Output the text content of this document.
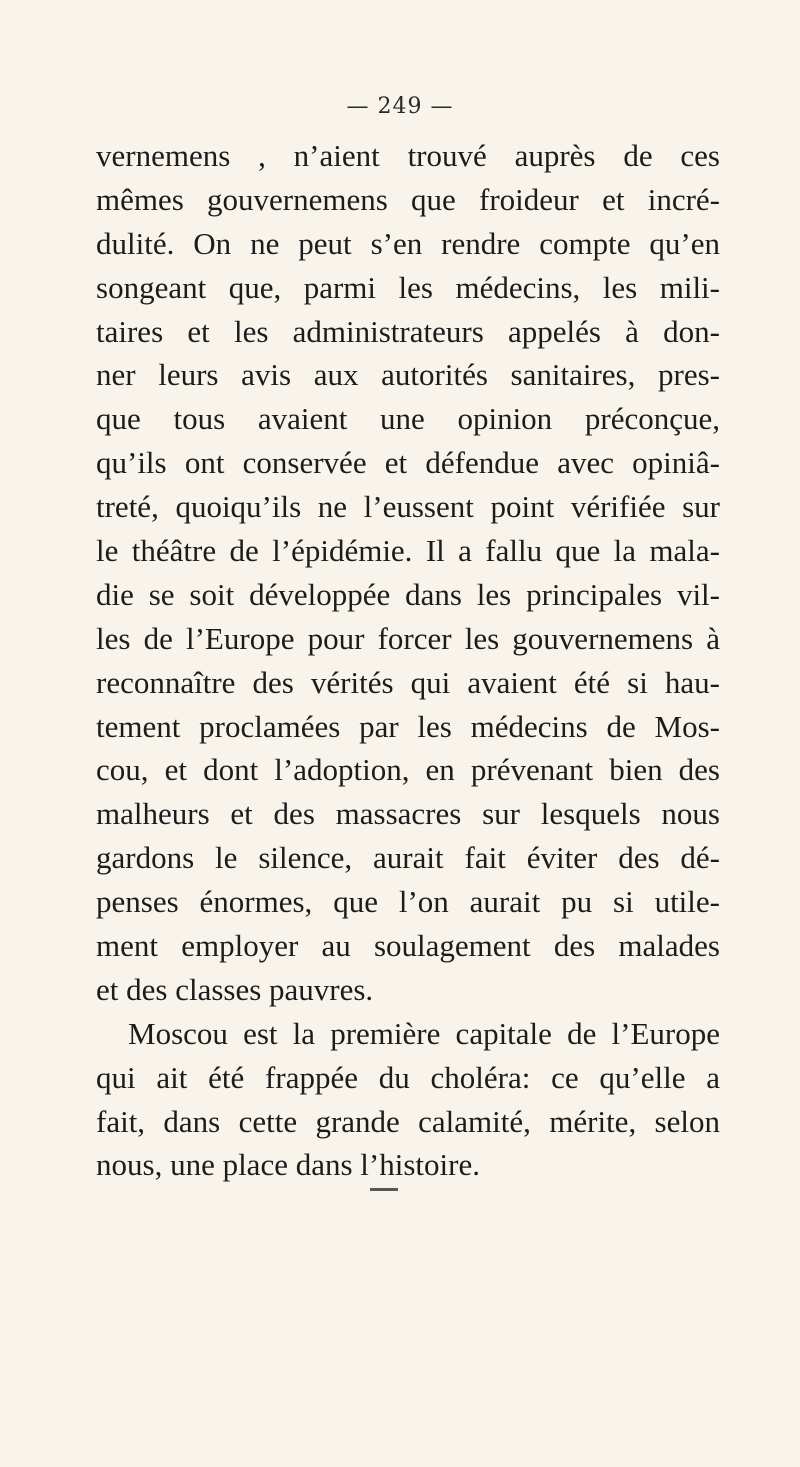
— 249 —
vernemens , n’aient trouvé auprès de ces
mêmes gouvernemens que froideur et incré-
dulité. On ne peut s’en rendre compte qu’en
songeant que, parmi les médecins, les mili-
taires et les administrateurs appelés à don-
ner leurs avis aux autorités sanitaires, pres-
que tous avaient une opinion préconçue,
qu’ils ont conservée et défendue avec opiniâ-
treté, quoiqu’ils ne l’eussent point vérifiée sur
le théâtre de l’épidémie. Il a fallu que la mala-
die se soit développée dans les principales vil-
les de l’Europe pour forcer les gouvernemens à
reconnaître des vérités qui avaient été si hau-
tement proclamées par les médecins de Mos-
cou, et dont l’adoption, en prévenant bien des
malheurs et des massacres sur lesquels nous
gardons le silence, aurait fait éviter des dé-
penses énormes, que l’on aurait pu si utile-
ment employer au soulagement des malades
et des classes pauvres.
Moscou est la première capitale de l’Europe
qui ait été frappée du choléra: ce qu’elle a
fait, dans cette grande calamité, mérite, selon
nous, une place dans l’histoire.
